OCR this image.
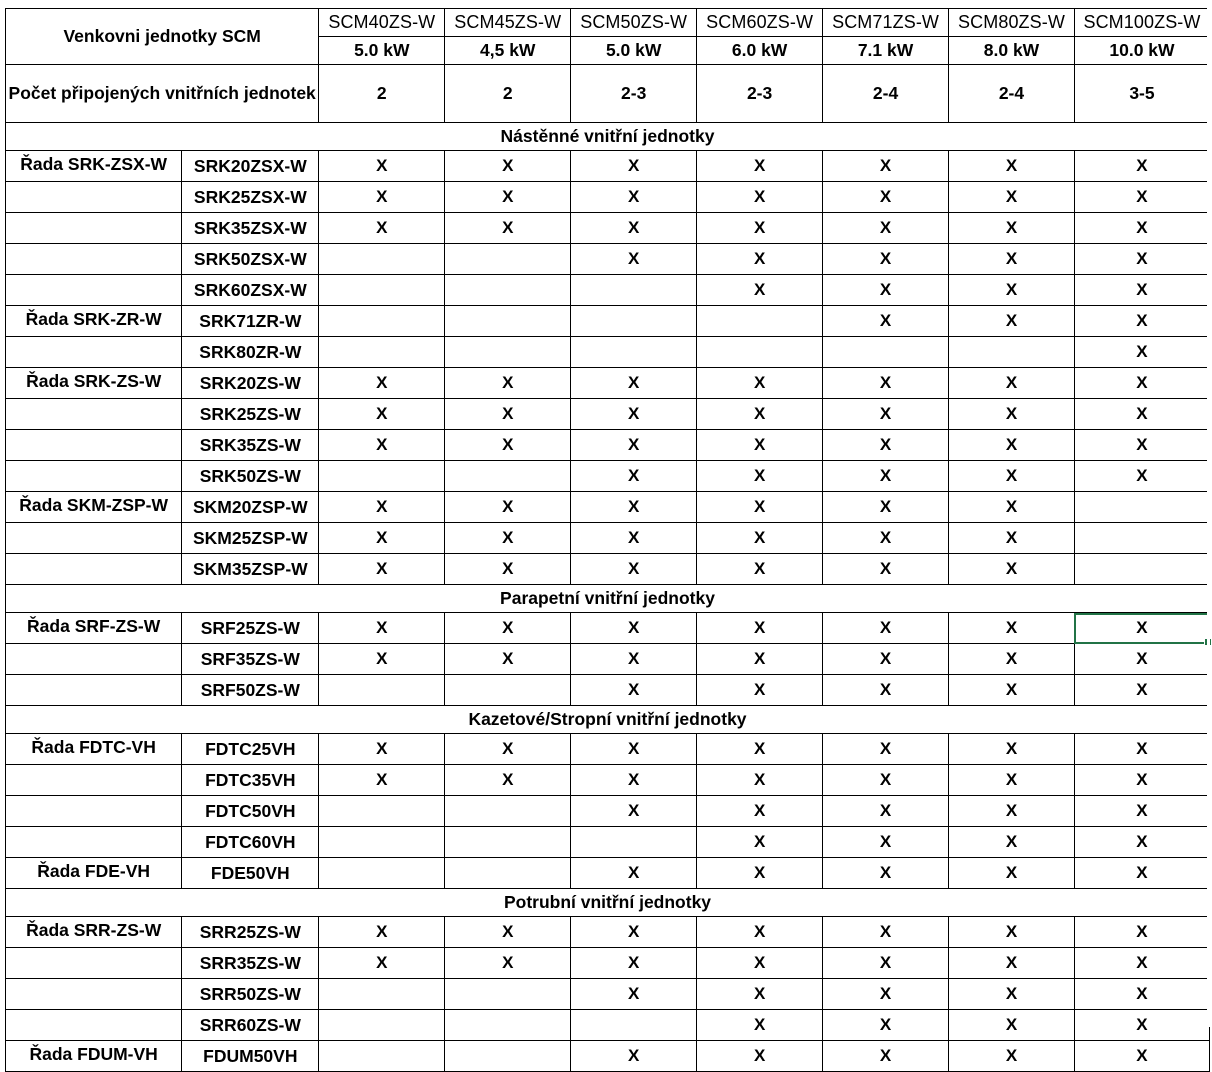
Venkovni jednotky SCM		SCM40ZS-W	SCM45ZS-W	SCM50ZS-W	SCM60ZS-W	SCM71ZS-W	SCM80ZS-W	SCM100ZS-W
		5.0 kW	4,5 kW	5.0 kW	6.0 kW	7.1 kW	8.0 kW	10.0 kW
Počet připojených vnitřních jednotek		2	2	2-3	2-3	2-4	2-4	3-5
Nástěnné vnitřní jednotky								
Řada SRK-ZSX-W	SRK20ZSX-W	X	X	X	X	X	X	X
	SRK25ZSX-W	X	X	X	X	X	X	X
	SRK35ZSX-W	X	X	X	X	X	X	X
	SRK50ZSX-W			X	X	X	X	X
	SRK60ZSX-W				X	X	X	X
Řada SRK-ZR-W	SRK71ZR-W					X	X	X
	SRK80ZR-W							X
Řada SRK-ZS-W	SRK20ZS-W	X	X	X	X	X	X	X
	SRK25ZS-W	X	X	X	X	X	X	X
	SRK35ZS-W	X	X	X	X	X	X	X
	SRK50ZS-W			X	X	X	X	X
Řada SKM-ZSP-W	SKM20ZSP-W	X	X	X	X	X	X	
	SKM25ZSP-W	X	X	X	X	X	X	
	SKM35ZSP-W	X	X	X	X	X	X	
Parapetní vnitřní jednotky								
Řada SRF-ZS-W	SRF25ZS-W	X	X	X	X	X	X	X

	SRF35ZS-W	X	X	X	X	X	X	X
	SRF50ZS-W			X	X	X	X	X
Kazetové/Stropní vnitřní jednotky								
Řada FDTC-VH	FDTC25VH	X	X	X	X	X	X	X
	FDTC35VH	X	X	X	X	X	X	X
	FDTC50VH			X	X	X	X	X
	FDTC60VH				X	X	X	X
Řada FDE-VH	FDE50VH			X	X	X	X	X
Potrubní vnitřní jednotky								
Řada SRR-ZS-W	SRR25ZS-W	X	X	X	X	X	X	X
	SRR35ZS-W	X	X	X	X	X	X	X
	SRR50ZS-W			X	X	X	X	X
	SRR60ZS-W				X	X	X	X
Řada FDUM-VH	FDUM50VH			X	X	X	X	X
